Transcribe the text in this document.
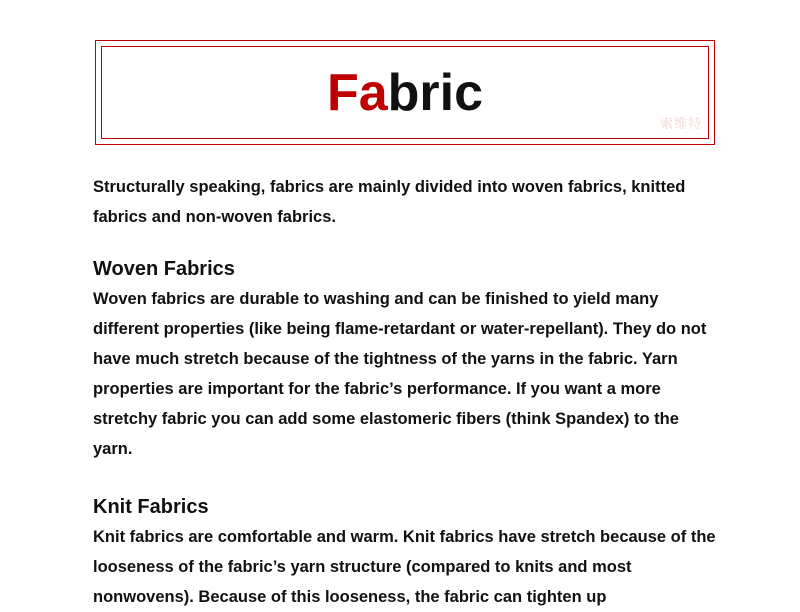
Fabric
索维特

Structurally speaking, fabrics are mainly divided into woven fabrics, knitted fabrics and non-woven fabrics.

Woven Fabrics

Woven fabrics are durable to washing and can be finished to yield many different properties (like being flame-retardant or water-repellant). They do not have much stretch because of the tightness of the yarns in the fabric. Yarn properties are important for the fabric’s performance. If you want a more stretchy fabric you can add some elastomeric fibers (think Spandex) to the yarn.

Knit Fabrics

Knit fabrics are comfortable and warm. Knit fabrics have stretch because of the looseness of the fabric’s yarn structure (compared to knits and most nonwovens). Because of this looseness, the fabric can tighten up
